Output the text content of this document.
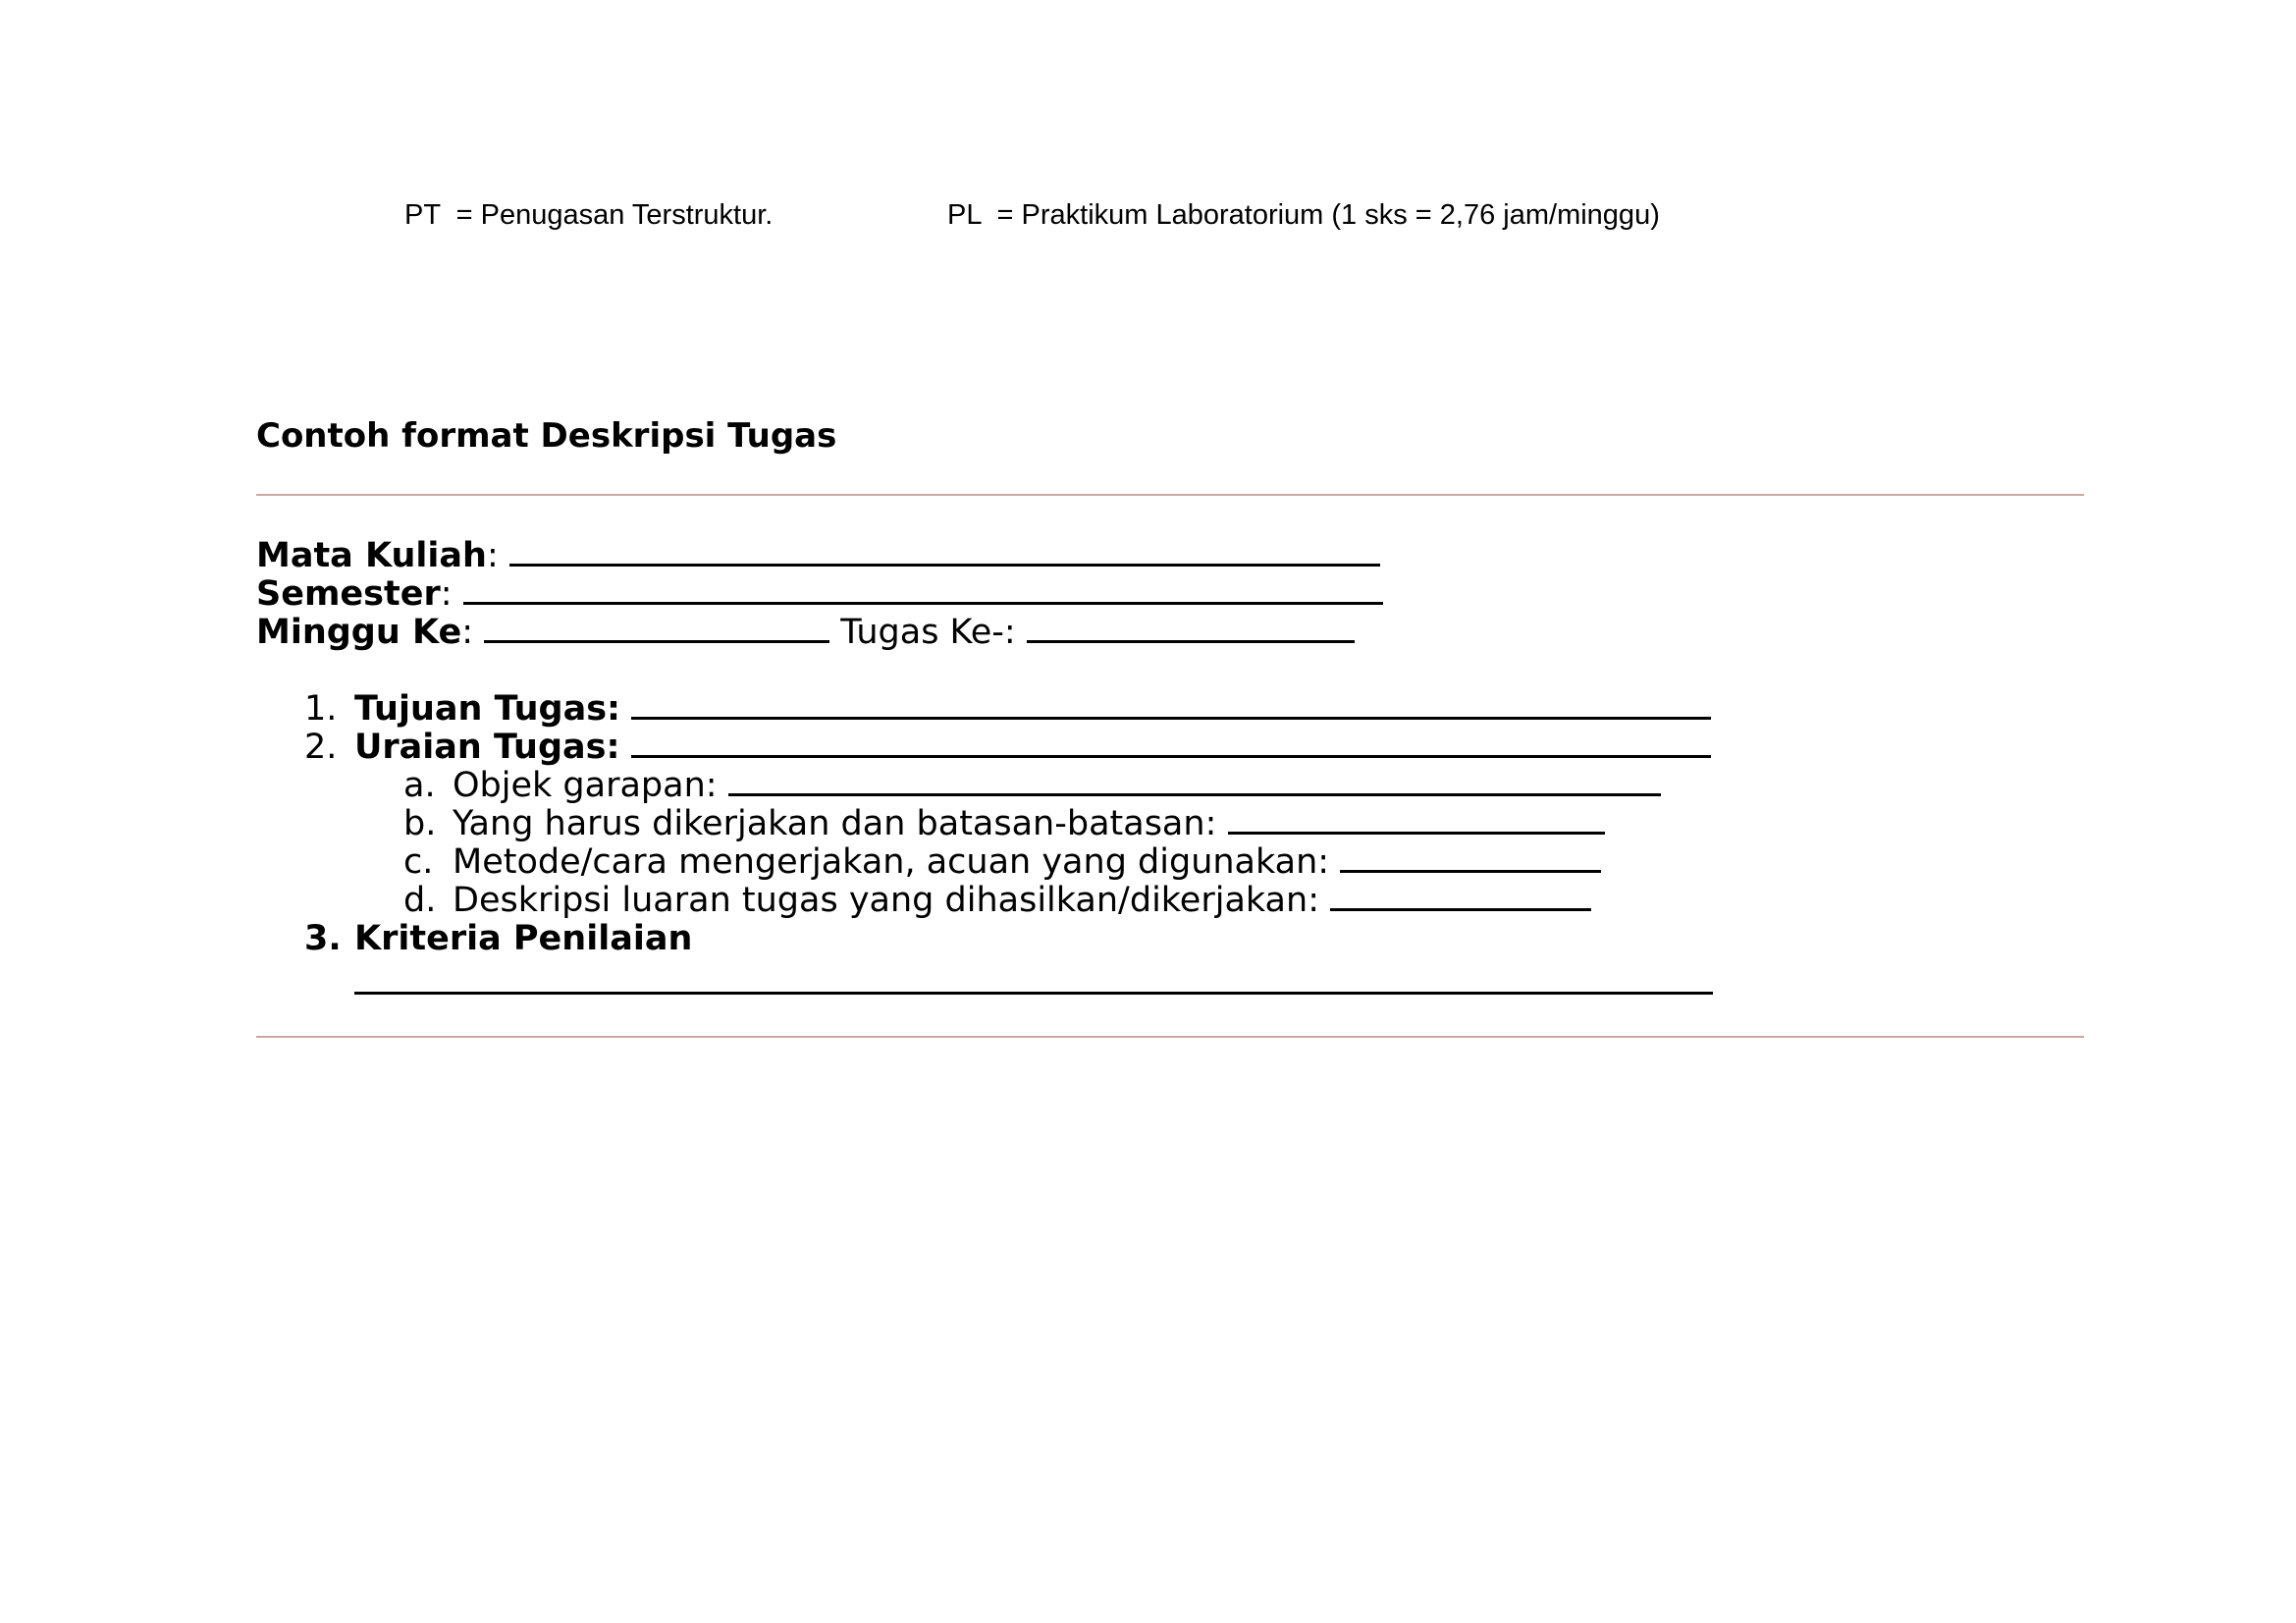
PT  = Penugasan Terstruktur.	PL  = Praktikum Laboratorium (1 sks = 2,76 jam/minggu)
Contoh format Deskripsi Tugas
Mata Kuliah:
Semester:
Minggu Ke:	Tugas Ke-:
1. Tujuan Tugas:
2. Uraian Tugas:
a. Objek garapan:
b. Yang harus dikerjakan dan batasan-batasan:
c. Metode/cara mengerjakan, acuan yang digunakan:
d. Deskripsi luaran tugas yang dihasilkan/dikerjakan:
3. Kriteria Penilaian
